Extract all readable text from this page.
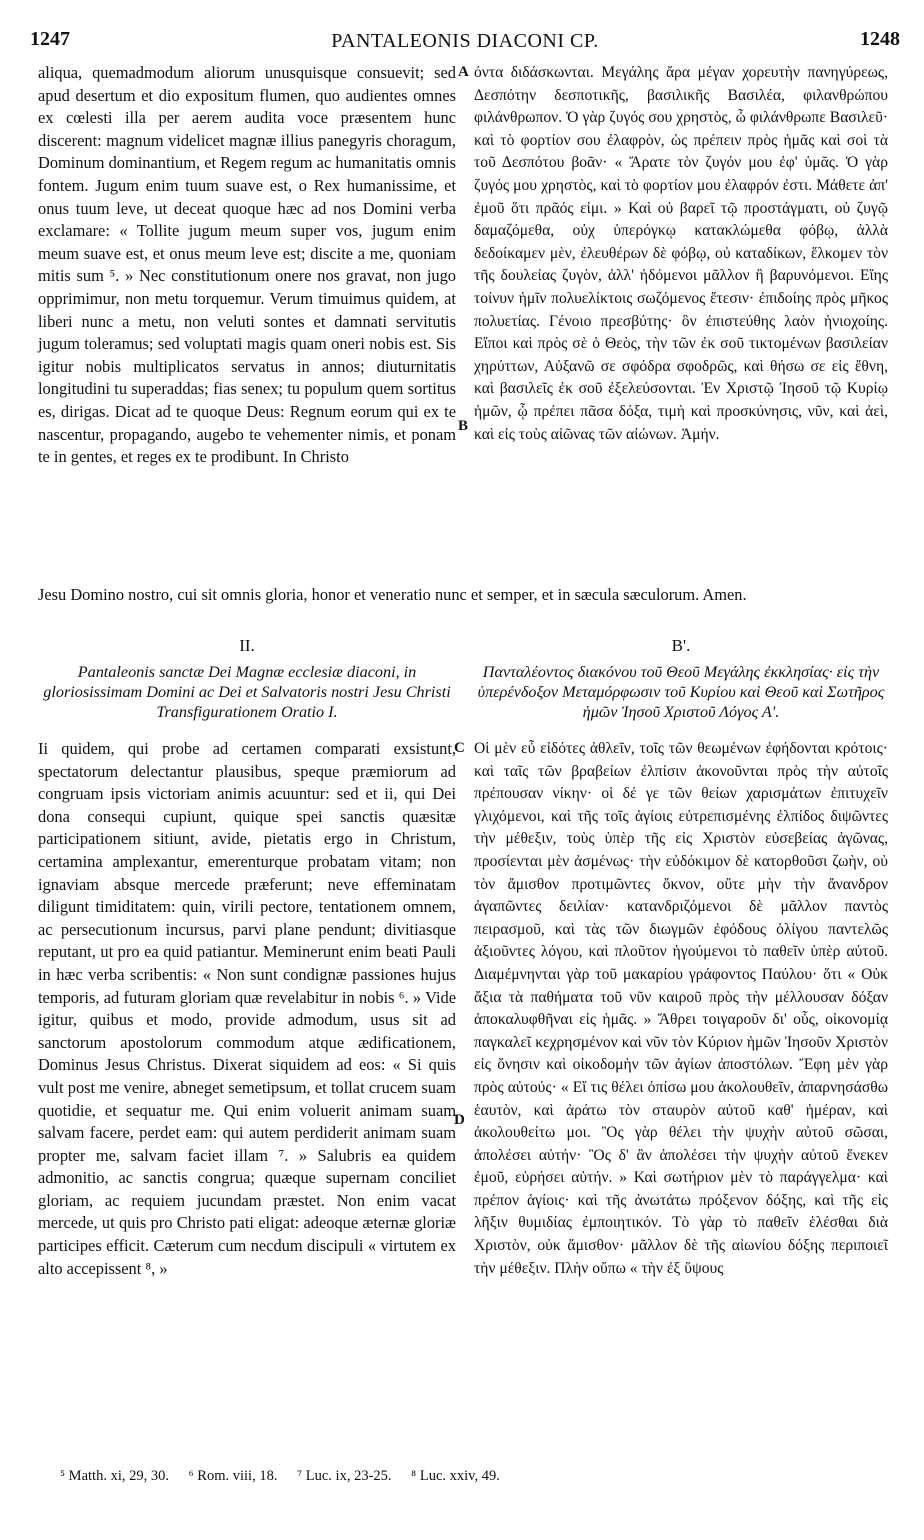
1247	PANTALEONIS DIACONI CP.	1248

aliqua, quemadmodum aliorum unusquisque consuevit; sed apud desertum et dio expositum flumen, quo audientes omnes ex cœlesti illa per aerem audita voce præsentem hunc discerent: magnum videlicet magnæ illius panegyris choragum, Dominum dominantium, et Regem regum ac humanitatis omnis fontem. Jugum enim tuum suave est, o Rex humanissime, et onus tuum leve, ut deceat quoque hæc ad nos Domini verba exclamare: « Tollite jugum meum super vos, jugum enim meum suave est, et onus meum leve est; discite a me, quoniam mitis sum ⁵. » Nec constitutionum onere nos gravat, non jugo opprimimur, non metu torquemur. Verum timuimus quidem, at liberi nunc a metu, non veluti sontes et damnati servitutis jugum toleramus; sed voluptati magis quam oneri nobis est. Sis igitur nobis multiplicatos servatus in annos; diuturnitatis longitudini tu superaddas; fias senex; tu populum quem sortitus es, dirigas. Dicat ad te quoque Deus: Regnum eorum qui ex te nascentur, propagando, augebo te vehementer nimis, et ponam te in gentes, et reges ex te prodibunt. In Christo

A όντα διδάσκωνται. Μεγάλης ἄρα μέγαν χορευτὴν πανηγύρεως, Δεσπότην δεσποτικῆς, βασιλικῆς Βασιλέα, φιλανθρώπου φιλάνθρωπον. Ὁ γὰρ ζυγός σου χρηστὸς, ὦ φιλάνθρωπε Βασιλεῦ· καὶ τὸ φορτίον σου ἐλαφρὸν, ὡς πρέπειν πρὸς ἡμᾶς καὶ σοὶ τὰ τοῦ Δεσπότου βοᾶν· « Ἄρατε τὸν ζυγόν μου ἐφ' ὑμᾶς. Ὁ γὰρ ζυγός μου χρηστὸς, καὶ τὸ φορτίον μου ἐλαφρόν ἐστι. Μάθετε ἀπ' ἐμοῦ ὅτι πρᾶός εἰμι. » Καὶ οὐ βαρεῖ τῷ προστάγματι, οὐ ζυγῷ δαμαζόμεθα, οὐχ ὑπερόγκῳ κατακλώμεθα φόβῳ, ἀλλὰ δεδοίκαμεν μὲν, ἐλευθέρων δὲ φόβῳ, οὐ καταδίκων, ἕλκομεν τὸν τῆς δουλείας ζυγὸν, ἀλλ' ἡδόμενοι μᾶλλον ἢ βαρυνόμενοι. Εἴης τοίνυν ἡμῖν πολυελίκτοις σωζόμενος ἔτεσιν· ἐπιδοίης πρὸς μῆκος πολυετίας. Γένοιο πρεσβύτης· ὃν ἐπιστεύθης λαὸν ἡνιοχοίης. Εἴποι καὶ πρὸς σὲ ὁ Θεὸς, τὴν τῶν ἐκ σοῦ τικτομένων βασιλείαν χηρύττων, Αὐξανῶ σε σφόδρα σφοδρῶς, καὶ θήσω σε εἰς ἔθνη, καὶ βασιλεῖς ἐκ σοῦ ἐξελεύσονται. Ἐν Χριστῷ Ἰησοῦ τῷ Κυρίῳ ἡμῶν, ᾧ πρέπει πᾶσα δόξα, τιμὴ καὶ προσκύνησις, νῦν, καὶ ἀεὶ, καὶ εἰς τοὺς αἰῶνας τῶν αἰώνων. Ἀμήν.

B
Jesu Domino nostro, cui sit omnis gloria, honor et veneratio nunc et semper, et in sæcula sæculorum. Amen.
II.	Β'.
Pantaleonis sanctæ Dei Magnæ ecclesiæ diaconi, in gloriosissimam Domini ac Dei et Salvatoris nostri Jesu Christi Transfigurationem Oratio I.
Πανταλέοντος διακόνου τοῦ Θεοῦ Μεγάλης ἐκκλησίας· εἰς τὴν ὑπερένδοξον Μεταμόρφωσιν τοῦ Κυρίου καὶ Θεοῦ καὶ Σωτῆρος ἡμῶν Ἰησοῦ Χριστοῦ Λόγος Α'.

Ii quidem, qui probe ad certamen comparati exsistunt, spectatorum delectantur plausibus, speque præmiorum ad congruam ipsis victoriam animis acuuntur: sed et ii, qui Dei dona consequi cupiunt, quique spei sanctis quæsitæ participationem sitiunt, avide, pietatis ergo in Christum, certamina amplexantur, emerenturque probatam vitam; non ignaviam absque mercede præferunt; neve effeminatam diligunt timiditatem: quin, virili pectore, tentationem omnem, ac persecutionum incursus, parvi plane pendunt; divitiasque reputant, ut pro ea quid patiantur. Meminerunt enim beati Pauli in hæc verba scribentis: « Non sunt condignæ passiones hujus temporis, ad futuram gloriam quæ revelabitur in nobis ⁶. » Vide igitur, quibus et modo, provide admodum, usus sit ad sanctorum apostolorum commodum atque ædificationem, Dominus Jesus Christus. Dixerat siquidem ad eos: « Si quis vult post me venire, abneget semetipsum, et tollat crucem suam quotidie, et sequatur me. Qui enim voluerit animam suam salvam facere, perdet eam: qui autem perdiderit animam suam propter me, salvam faciet illam ⁷. » Salubris ea quidem admonitio, ac sanctis congrua; quæque supernam conciliet gloriam, ac requiem jucundam præstet. Non enim vacat mercede, ut quis pro Christo pati eligat: adeoque æternæ gloriæ participes efficit. Cæterum cum necdum discipuli « virtutem ex alto accepissent ⁸, »

C Οἱ μὲν εὖ εἰδότες ἀθλεῖν, τοῖς τῶν θεωμένων ἐφήδονται κρότοις· καὶ ταῖς τῶν βραβείων ἐλπίσιν ἀκονοῦνται πρὸς τὴν αὐτοῖς πρέπουσαν νίκην· οἱ δέ γε τῶν θείων χαρισμάτων ἐπιτυχεῖν γλιχόμενοι, καὶ τῆς τοῖς ἁγίοις εὐτρεπισμένης ἐλπίδος διψῶντες τὴν μέθεξιν, τοὺς ὑπὲρ τῆς εἰς Χριστὸν εὐσεβείας ἀγῶνας, προσίενται μὲν ἀσμένως· τὴν εὐδόκιμον δὲ κατορθοῦσι ζωὴν, οὐ τὸν ἄμισθον προτιμῶντες ὄκνον, οὔτε μὴν τὴν ἄνανδρον ἀγαπῶντες δειλίαν· κατανδριζόμενοι δὲ μᾶλλον παντὸς πειρασμοῦ, καὶ τὰς τῶν διωγμῶν ἐφόδους ὀλίγου παντελῶς ἀξιοῦντες λόγου, καὶ πλοῦτον ἡγούμενοι τὸ παθεῖν ὑπὲρ αὐτοῦ. Διαμέμνηνται γὰρ τοῦ μακαρίου γράφοντος Παύλου· ὅτι « Οὐκ ἄξια τὰ παθήματα τοῦ νῦν καιροῦ πρὸς τὴν μέλλουσαν δόξαν ἀποκαλυφθῆναι εἰς ἡμᾶς. » Ἄθρει τοιγαροῦν δι' οὗς, οἰκονομίᾳ παγκαλεῖ κεχρησμένον καὶ νῦν τὸν Κύριον ἡμῶν Ἰησοῦν Χριστὸν εἰς ὄνησιν καὶ οἰκοδομὴν τῶν ἁγίων ἀποστόλων. Ἔφη μὲν γὰρ πρὸς αὐτούς· « Εἴ τις θέλει ὀπίσω μου ἀκολουθεῖν, ἀπαρνησάσθω ἑαυτὸν, καὶ ἀράτω τὸν σταυρὸν αὐτοῦ καθ' ἡμέραν, καὶ ἀκολουθείτω μοι. Ὃς γὰρ θέλει τὴν ψυχὴν αὐτοῦ σῶσαι, ἀπολέσει αὐτήν· Ὃς δ' ἂν ἀπολέσει τὴν ψυχὴν αὐτοῦ ἕνεκεν ἐμοῦ, εὑρήσει αὐτήν. » Καὶ σωτήριον μὲν τὸ παράγγελμα· καὶ πρέπον ἁγίοις· καὶ τῆς ἀνωτάτω πρόξενον δόξης, καὶ τῆς εἰς λῆξιν θυμιδίας ἐμποιητικόν. Τὸ γὰρ τὸ παθεῖν ἑλέσθαι διὰ Χριστὸν, οὐκ ἄμισθον· μᾶλλον δὲ τῆς αἰωνίου δόξης περιποιεῖ τὴν μέθεξιν. Πλὴν οὔπω « τὴν ἐξ ὕψους

D
⁵ Matth. xi, 29, 30. ⁶ Rom. viii, 18. ⁷ Luc. ix, 23-25. ⁸ Luc. xxiv, 49.
